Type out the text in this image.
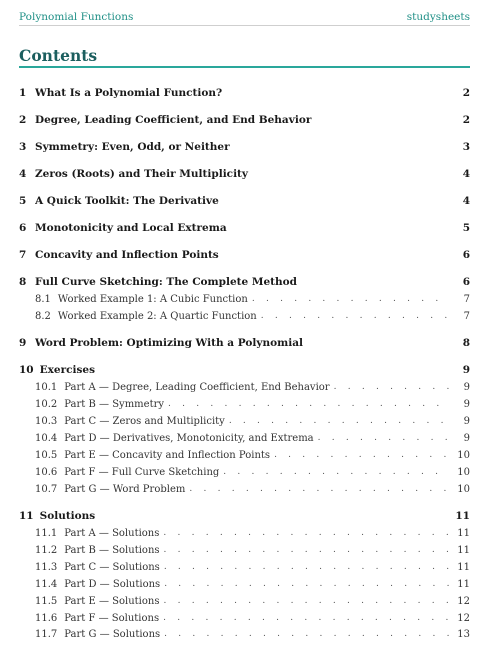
Polynomial Functions	studysheets
Contents
1 What Is a Polynomial Function?	2
2 Degree, Leading Coefficient, and End Behavior	2
3 Symmetry: Even, Odd, or Neither	3
4 Zeros (Roots) and Their Multiplicity	4
5 A Quick Toolkit: The Derivative	4
6 Monotonicity and Local Extrema	5
7 Concavity and Inflection Points	6
8 Full Curve Sketching: The Complete Method	6
8.1 Worked Example 1: A Cubic Function . . .	7
8.2 Worked Example 2: A Quartic Function . . .	7
9 Word Problem: Optimizing With a Polynomial	8
10 Exercises	9
10.1 Part A — Degree, Leading Coefficient, End Behavior . . .	9
10.2 Part B — Symmetry . . .	9
10.3 Part C — Zeros and Multiplicity . . .	9
10.4 Part D — Derivatives, Monotonicity, and Extrema . . .	9
10.5 Part E — Concavity and Inflection Points . . .	10
10.6 Part F — Full Curve Sketching . . .	10
10.7 Part G — Word Problem . . .	10
11 Solutions	11
11.1 Part A — Solutions . . .	11
11.2 Part B — Solutions . . .	11
11.3 Part C — Solutions . . .	11
11.4 Part D — Solutions . . .	11
11.5 Part E — Solutions . . .	12
11.6 Part F — Solutions . . .	12
11.7 Part G — Solutions . . .	13
